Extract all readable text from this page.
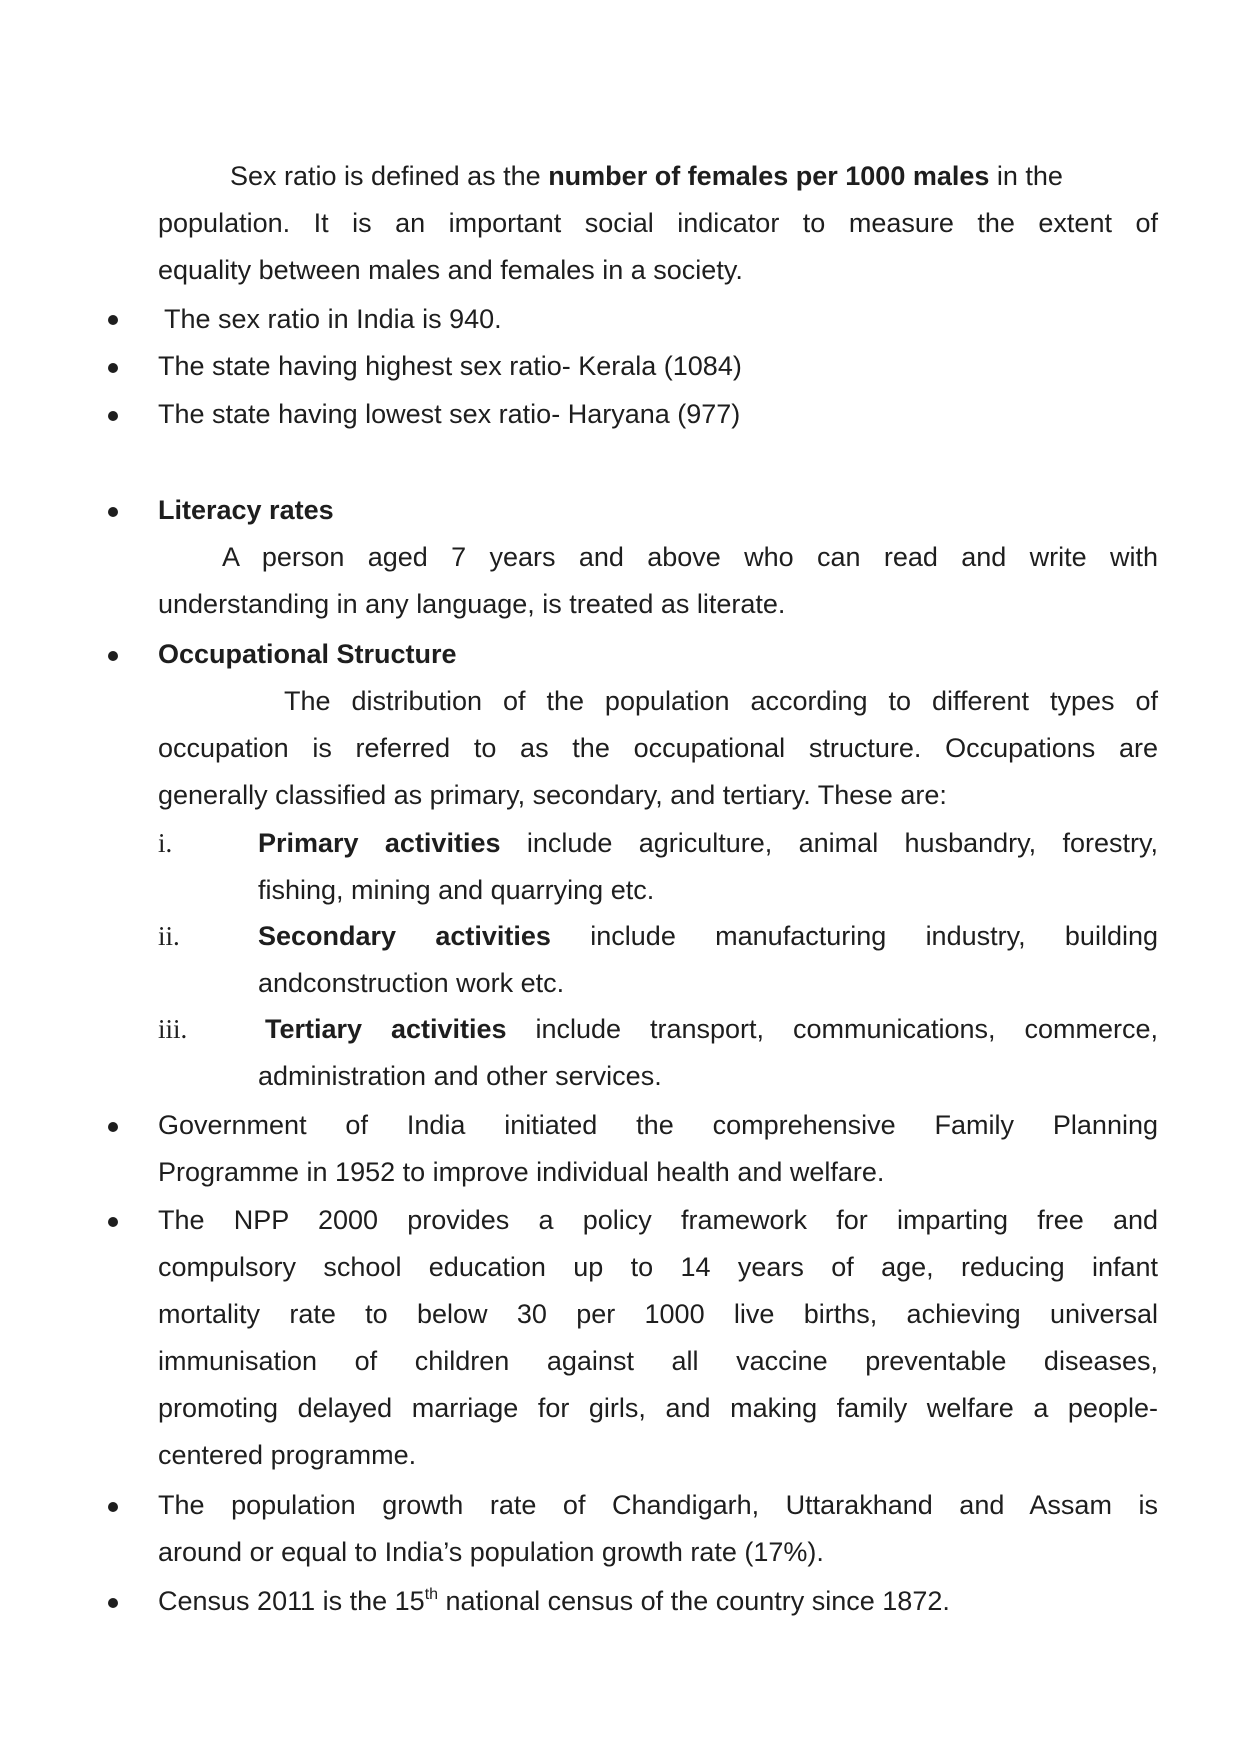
Sex ratio is defined as the number of females per 1000 males in the
population. It is an important social indicator to measure the extent of
equality between males and females in a society.
The sex ratio in India is 940.
The state having highest sex ratio- Kerala (1084)
The state having lowest sex ratio- Haryana (977)
Literacy rates
A person aged 7 years and above who can read and write with
understanding in any language, is treated as literate.
Occupational Structure
The distribution of the population according to different types of
occupation is referred to as the occupational structure. Occupations are
generally classified as primary, secondary, and tertiary. These are:
i.	Primary activities include agriculture, animal husbandry, forestry,
fishing, mining and quarrying etc.
ii.	Secondary activities include manufacturing industry, building
andconstruction work etc.
iii.	Tertiary activities include transport, communications, commerce,
administration and other services.
Government of India initiated the comprehensive Family Planning
Programme in 1952 to improve individual health and welfare.
The NPP 2000 provides a policy framework for imparting free and
compulsory school education up to 14 years of age, reducing infant
mortality rate to below 30 per 1000 live births, achieving universal
immunisation of children against all vaccine preventable diseases,
promoting delayed marriage for girls, and making family welfare a people-
centered programme.
The population growth rate of Chandigarh, Uttarakhand and Assam is
around or equal to India’s population growth rate (17%).
Census 2011 is the 15th national census of the country since 1872.
